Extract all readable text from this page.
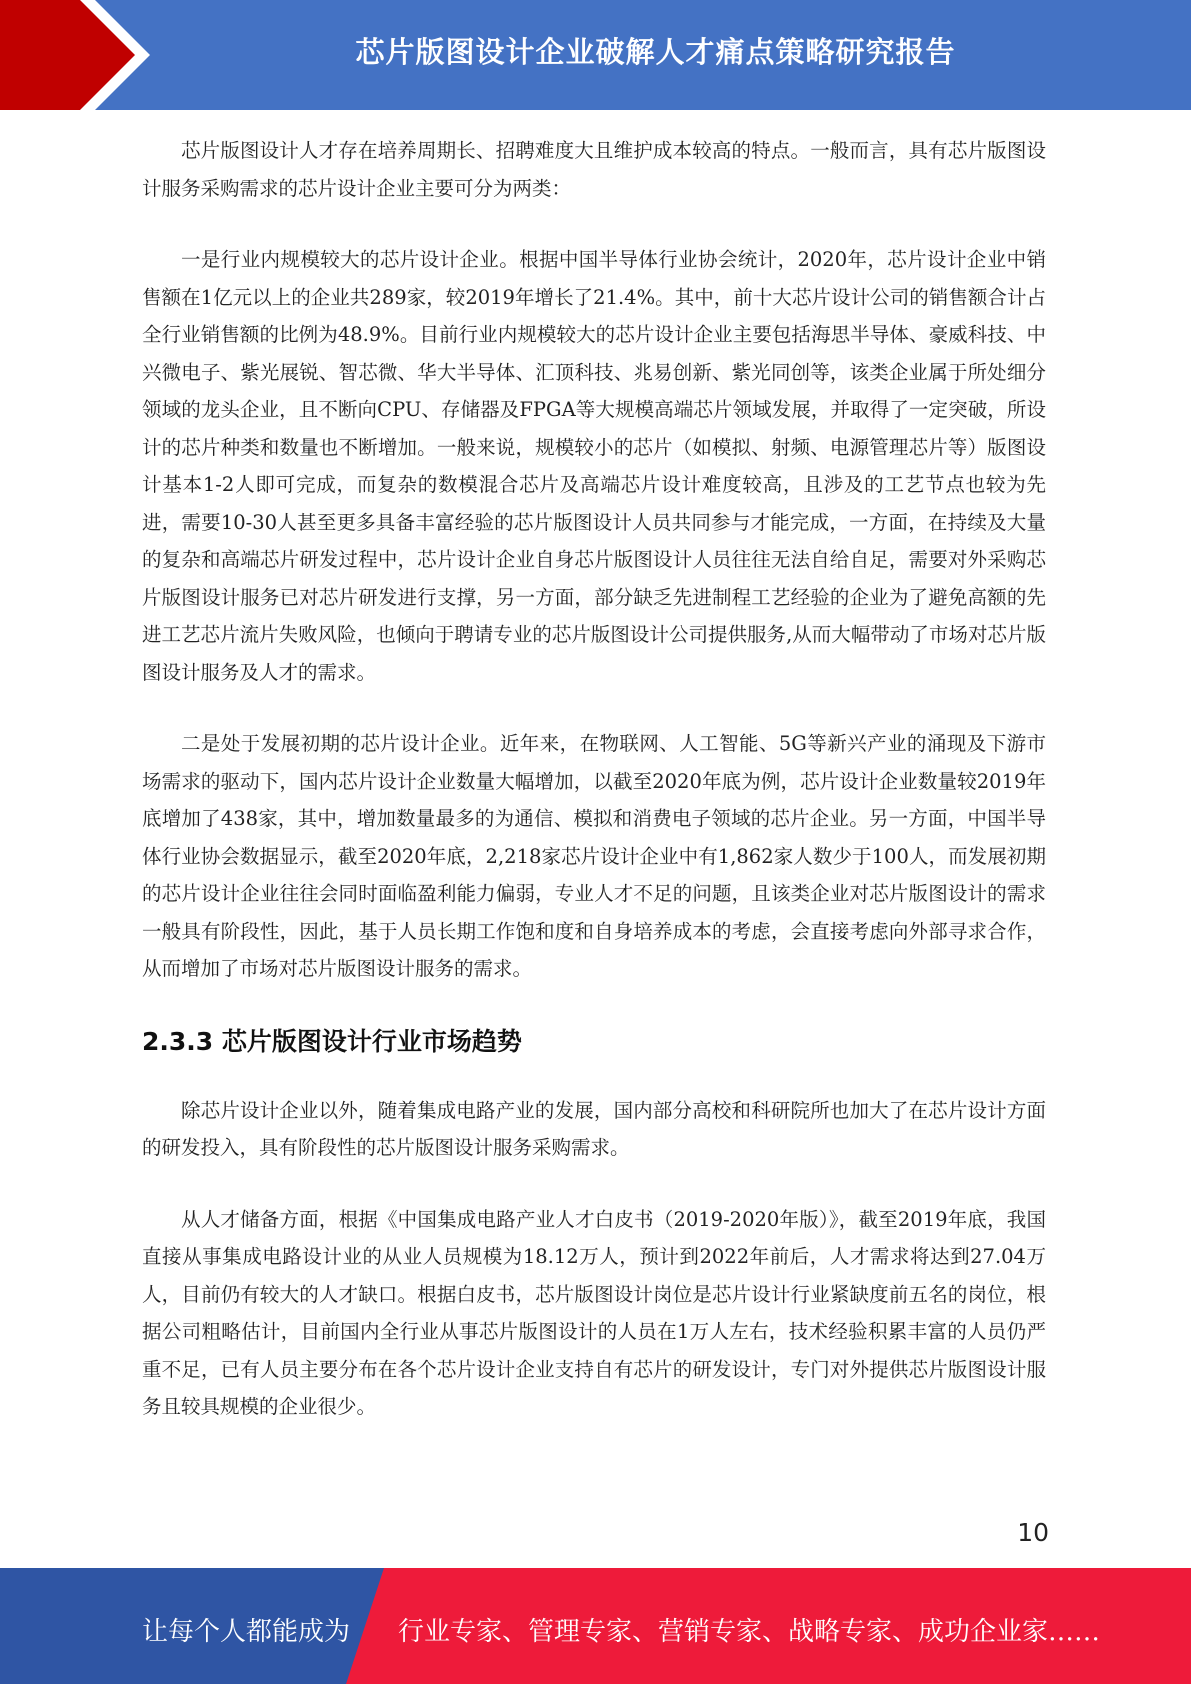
芯片版图设计企业破解人才痛点策略研究报告

芯片版图设计人才存在培养周期长、招聘难度大且维护成本较高的特点。一般而言，具有芯片版图设计服务采购需求的芯片设计企业主要可分为两类：

一是行业内规模较大的芯片设计企业。根据中国半导体行业协会统计，2020年，芯片设计企业中销售额在1亿元以上的企业共289家，较2019年增长了21.4%。其中，前十大芯片设计公司的销售额合计占全行业销售额的比例为48.9%。目前行业内规模较大的芯片设计企业主要包括海思半导体、豪威科技、中兴微电子、紫光展锐、智芯微、华大半导体、汇顶科技、兆易创新、紫光同创等，该类企业属于所处细分领域的龙头企业，且不断向CPU、存储器及FPGA等大规模高端芯片领域发展，并取得了一定突破，所设计的芯片种类和数量也不断增加。一般来说，规模较小的芯片（如模拟、射频、电源管理芯片等）版图设计基本1-2人即可完成，而复杂的数模混合芯片及高端芯片设计难度较高，且涉及的工艺节点也较为先进，需要10-30人甚至更多具备丰富经验的芯片版图设计人员共同参与才能完成，一方面，在持续及大量的复杂和高端芯片研发过程中，芯片设计企业自身芯片版图设计人员往往无法自给自足，需要对外采购芯片版图设计服务已对芯片研发进行支撑，另一方面，部分缺乏先进制程工艺经验的企业为了避免高额的先进工艺芯片流片失败风险，也倾向于聘请专业的芯片版图设计公司提供服务,从而大幅带动了市场对芯片版图设计服务及人才的需求。

二是处于发展初期的芯片设计企业。近年来，在物联网、人工智能、5G等新兴产业的涌现及下游市场需求的驱动下，国内芯片设计企业数量大幅增加，以截至2020年底为例，芯片设计企业数量较2019年底增加了438家，其中，增加数量最多的为通信、模拟和消费电子领域的芯片企业。另一方面，中国半导体行业协会数据显示，截至2020年底，2,218家芯片设计企业中有1,862家人数少于100人，而发展初期的芯片设计企业往往会同时面临盈利能力偏弱，专业人才不足的问题，且该类企业对芯片版图设计的需求一般具有阶段性，因此，基于人员长期工作饱和度和自身培养成本的考虑，会直接考虑向外部寻求合作，从而增加了市场对芯片版图设计服务的需求。

2.3.3 芯片版图设计行业市场趋势

除芯片设计企业以外，随着集成电路产业的发展，国内部分高校和科研院所也加大了在芯片设计方面的研发投入，具有阶段性的芯片版图设计服务采购需求。

从人才储备方面，根据《中国集成电路产业人才白皮书（2019-2020年版）》，截至2019年底，我国直接从事集成电路设计业的从业人员规模为18.12万人，预计到2022年前后，人才需求将达到27.04万人，目前仍有较大的人才缺口。根据白皮书，芯片版图设计岗位是芯片设计行业紧缺度前五名的岗位，根据公司粗略估计，目前国内全行业从事芯片版图设计的人员在1万人左右，技术经验积累丰富的人员仍严重不足，已有人员主要分布在各个芯片设计企业支持自有芯片的研发设计，专门对外提供芯片版图设计服务且较具规模的企业很少。

10
让每个人都能成为 行业专家、管理专家、营销专家、战略专家、成功企业家……
